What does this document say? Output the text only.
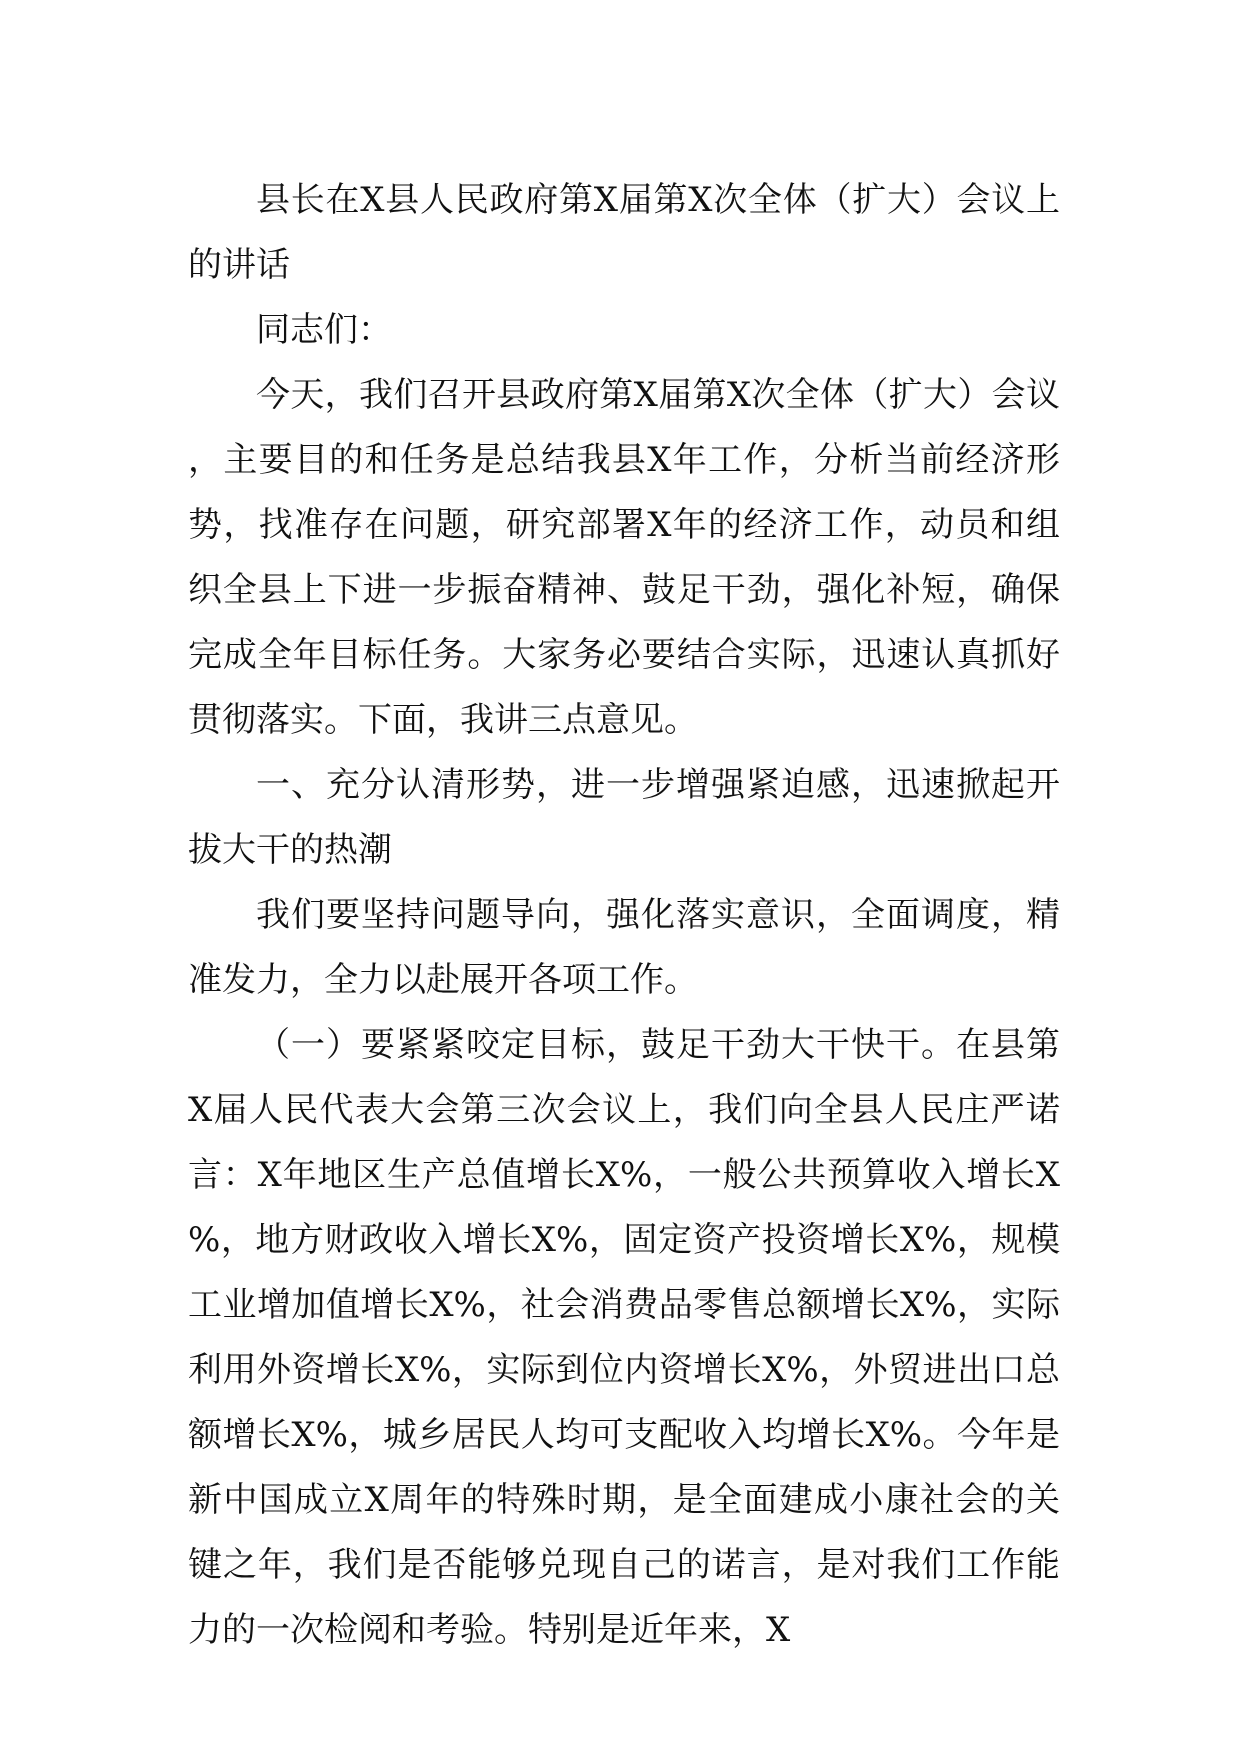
县长在X县人民政府第X届第X次全体（扩大）会议上的讲话

同志们：

今天，我们召开县政府第X届第X次全体（扩大）会议，主要目的和任务是总结我县X年工作，分析当前经济形势，找准存在问题，研究部署X年的经济工作，动员和组织全县上下进一步振奋精神、鼓足干劲，强化补短，确保完成全年目标任务。大家务必要结合实际，迅速认真抓好贯彻落实。下面，我讲三点意见。

一、充分认清形势，进一步增强紧迫感，迅速掀起开拔大干的热潮

我们要坚持问题导向，强化落实意识，全面调度，精准发力，全力以赴展开各项工作。

（一）要紧紧咬定目标，鼓足干劲大干快干。在县第X届人民代表大会第三次会议上，我们向全县人民庄严诺言：X年地区生产总值增长X%，一般公共预算收入增长X%，地方财政收入增长X%，固定资产投资增长X%，规模工业增加值增长X%，社会消费品零售总额增长X%，实际利用外资增长X%，实际到位内资增长X%，外贸进出口总额增长X%，城乡居民人均可支配收入均增长X%。今年是新中国成立X周年的特殊时期，是全面建成小康社会的关键之年，我们是否能够兑现自己的诺言，是对我们工作能力的一次检阅和考验。特别是近年来，X
